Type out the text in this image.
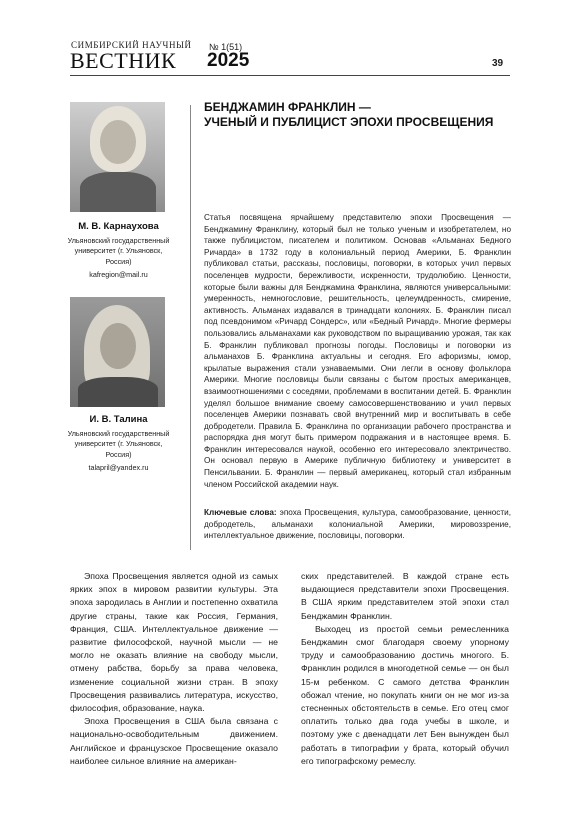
СИМБИРСКИЙ НАУЧНЫЙ
ВЕСТНИК
№ 1(51)
2025	39
М. В. Карнаухова
Ульяновский государственный университет (г. Ульяновск, Россия)
kafregion@mail.ru
И. В. Талина
Ульяновский государственный университет (г. Ульяновск, Россия)
talapril@yandex.ru
БЕНДЖАМИН ФРАНКЛИН —
УЧЕНЫЙ И ПУБЛИЦИСТ ЭПОХИ ПРОСВЕЩЕНИЯ
Статья посвящена ярчайшему представителю эпохи Просвещения — Бенджамину Франклину, который был не только ученым и изобретателем, но также публицистом, писателем и политиком. Основав «Альманах Бедного Ричарда» в 1732 году в колониальный период Америки, Б. Франклин публиковал статьи, рассказы, пословицы, поговорки, в которых учил первых поселенцев мудрости, бережливости, искренности, трудолюбию. Ценности, которые были важны для Бенджамина Франклина, являются универсальными: умеренность, немногословие, решительность, целеумдренность, смирение, активность. Альманах издавался в тринадцати колониях. Б. Франклин писал под псевдонимом «Ричард Сондерс», или «Бедный Ричард». Многие фермеры пользовались альманахами как руководством по выращиванию урожая, так как Б. Франклин публиковал прогнозы погоды. Пословицы и поговорки из альманахов Б. Франклина актуальны и сегодня. Его афоризмы, юмор, крылатые выражения стали узнаваемыми. Они легли в основу фольклора Америки. Многие пословицы были связаны с бытом простых американцев, взаимоотношениями с соседями, проблемами в воспитании детей. Б. Франклин уделял большое внимание своему самосовершенствованию и учил первых поселенцев Америки познавать свой внутренний мир и воспитывать в себе добродетели. Правила Б. Франклина по организации рабочего пространства и распорядка дня могут быть примером подражания и в настоящее время. Б. Франклин интересовался наукой, особенно его интересовало электричество. Он основал первую в Америке публичную библиотеку и университет в Пенсильвании. Б. Франклин — первый американец, который стал избранным членом Российской академии наук.
Ключевые слова: эпоха Просвещения, культура, самообразование, ценности, добродетель, альманахи колониальной Америки, мировоззрение, интеллектуальное движение, пословицы, поговорки.

Эпоха Просвещения является одной из самых ярких эпох в мировом развитии культуры. Эта эпоха зародилась в Англии и постепенно охватила другие страны, такие как Россия, Германия, Франция, США. Интеллектуальное движение — развитие философской, научной мысли — не могло не оказать влияние на свободу мысли, отмену рабства, борьбу за права человека, изменение социальной жизни стран. В эпоху Просвещения развивались литература, искусство, философия, образование, наука.

Эпоха Просвещения в США была связана с национально-освободительным движением. Английское и французское Просвещение оказало наиболее сильное влияние на американ-

ских представителей. В каждой стране есть выдающиеся представители эпохи Просвещения. В США ярким представителем этой эпохи стал Бенджамин Франклин.

Выходец из простой семьи ремесленника Бенджамин смог благодаря своему упорному труду и самообразованию достичь многого. Б. Франклин родился в многодетной семье — он был 15-м ребенком. С самого детства Франклин обожал чтение, но покупать книги он не мог из-за стесненных обстоятельств в семье. Его отец смог оплатить только два года учебы в школе, и поэтому уже с двенадцати лет Бен вынужден был работать в типографии у брата, который обучил его типографскому ремеслу.
